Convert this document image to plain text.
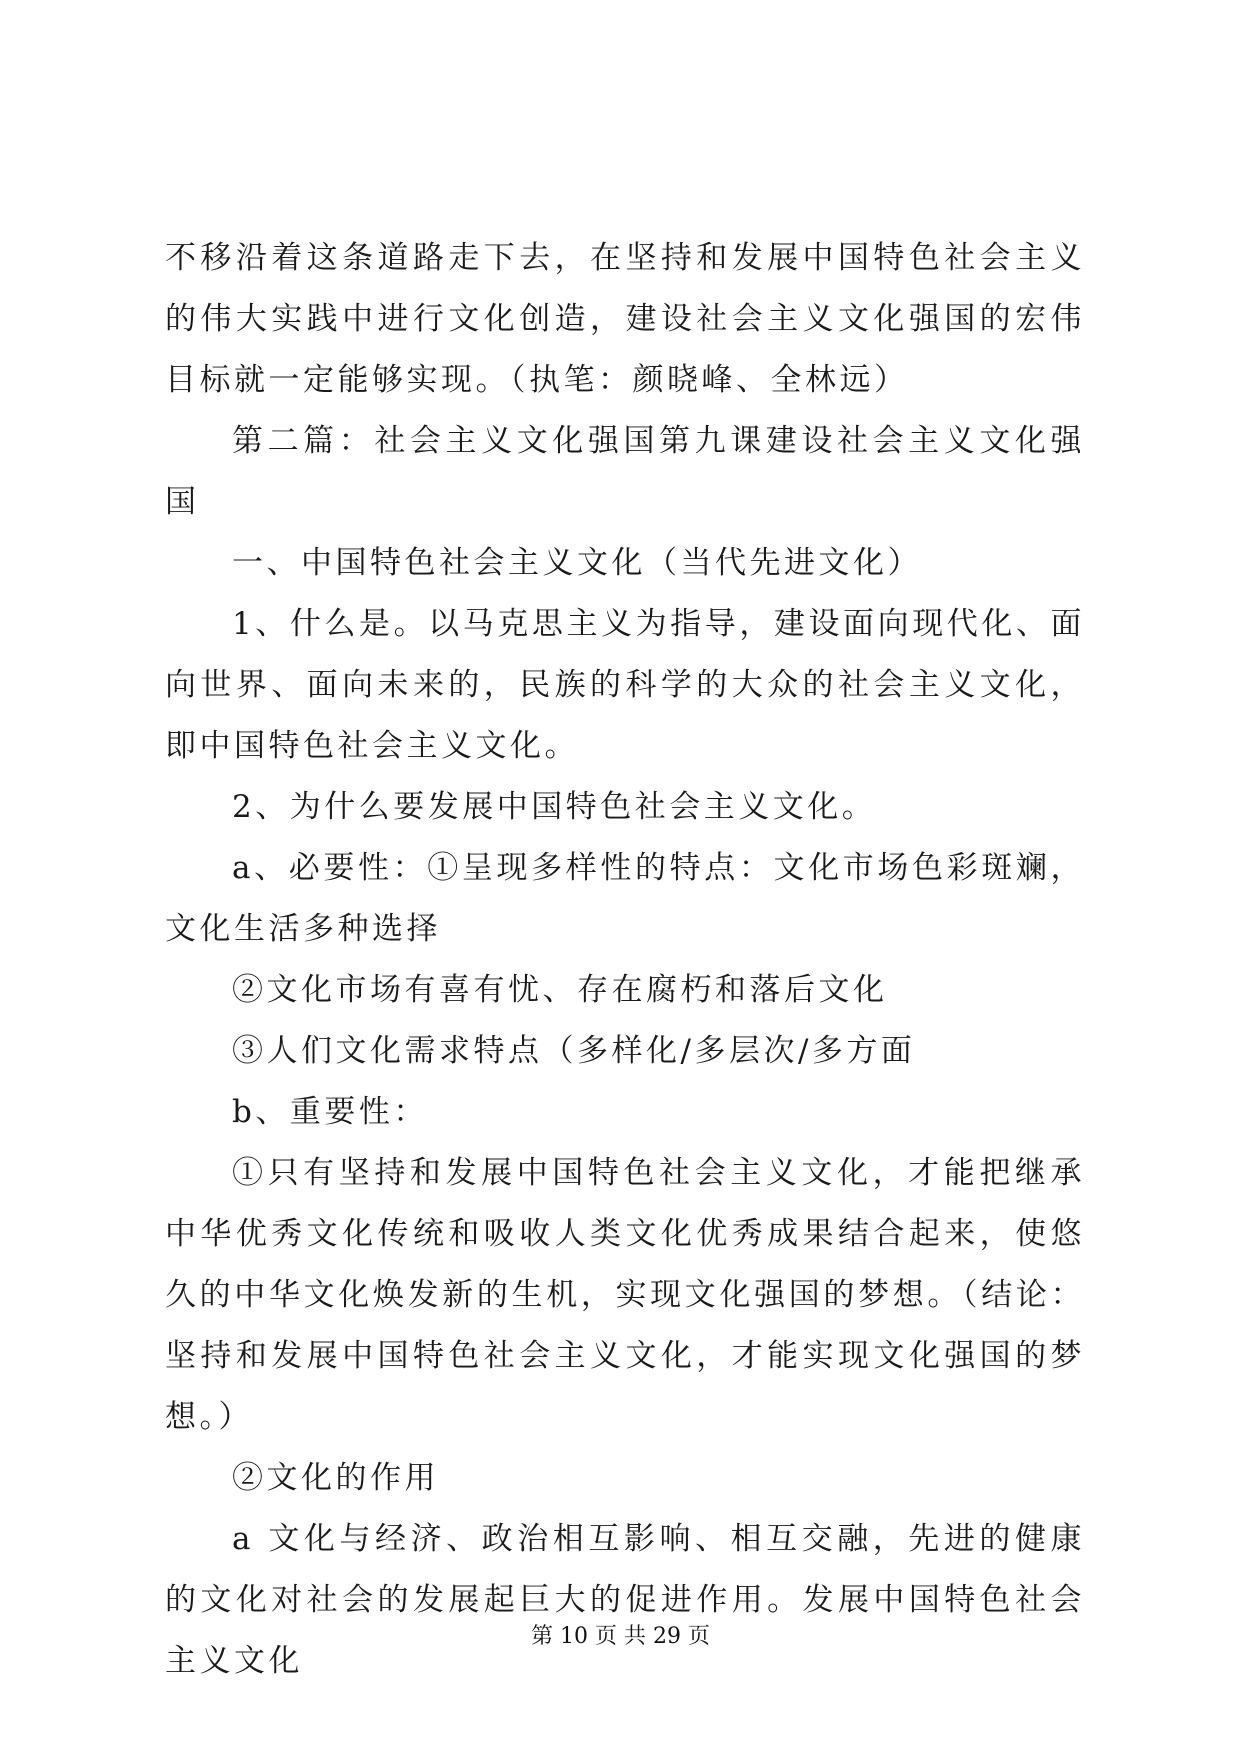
不移沿着这条道路走下去，在坚持和发展中国特色社会主义的伟大实践中进行文化创造，建设社会主义文化强国的宏伟目标就一定能够实现。（执笔：颜晓峰、全林远）

第二篇：社会主义文化强国第九课建设社会主义文化强国

一、中国特色社会主义文化（当代先进文化）

1、什么是。以马克思主义为指导，建设面向现代化、面向世界、面向未来的，民族的科学的大众的社会主义文化，即中国特色社会主义文化。

2、为什么要发展中国特色社会主义文化。

a、必要性：①呈现多样性的特点：文化市场色彩斑斓，文化生活多种选择

②文化市场有喜有忧、存在腐朽和落后文化

③人们文化需求特点（多样化/多层次/多方面

b、重要性：

①只有坚持和发展中国特色社会主义文化，才能把继承中华优秀文化传统和吸收人类文化优秀成果结合起来，使悠久的中华文化焕发新的生机，实现文化强国的梦想。（结论：坚持和发展中国特色社会主义文化，才能实现文化强国的梦想。）

②文化的作用

a 文化与经济、政治相互影响、相互交融，先进的健康的文化对社会的发展起巨大的促进作用。发展中国特色社会主义文化

第 10 页 共 29 页
